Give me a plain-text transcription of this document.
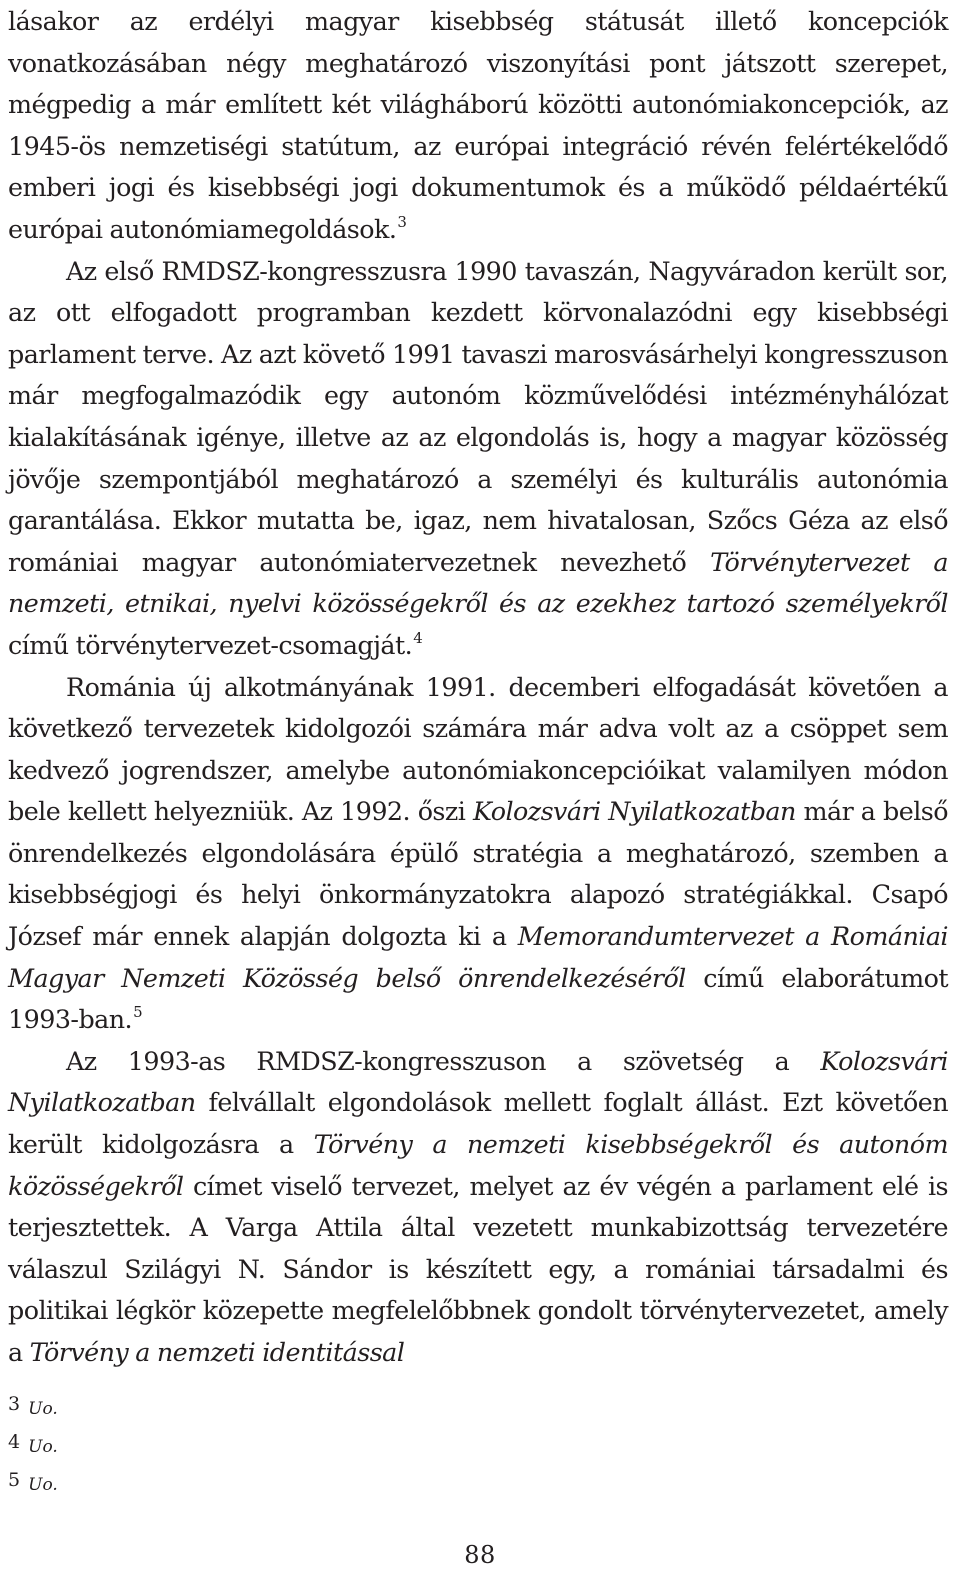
lásakor az erdélyi magyar kisebbség státusát illető koncepciók vonatkozásában négy meghatározó viszonyítási pont játszott szerepet, mégpedig a már említett két világháború közötti autonómiakoncepciók, az 1945-ös nemzetiségi statútum, az európai integráció révén felértékelődő emberi jogi és kisebbségi jogi dokumentumok és a működő példaértékű európai autonómiamegoldások.$^3$

Az első RMDSZ-kongresszusra 1990 tavaszán, Nagyváradon került sor, az ott elfogadott programban kezdett körvonalazódni egy kisebbségi parlament terve. Az azt követő 1991 tavaszi marosvásárhelyi kongresszuson már megfogalmazódik egy autonóm közművelődési intézményhálózat kialakításának igénye, illetve az az elgondolás is, hogy a magyar közösség jövője szempontjából meghatározó a személyi és kulturális autonómia garantálása. Ekkor mutatta be, igaz, nem hivatalosan, Szőcs Géza az első romániai magyar autonómiatervezetnek nevezhető Törvénytervezet a nemzeti, etnikai, nyelvi közösségekről és az ezekhez tartozó személyekről című törvénytervezet-csomagját.$^4$

Románia új alkotmányának 1991. decemberi elfogadását követően a következő tervezetek kidolgozói számára már adva volt az a csöppet sem kedvező jogrendszer, amelybe autonómiakoncepcióikat valamilyen módon bele kellett helyezniük. Az 1992. őszi Kolozsvári Nyilatkozatban már a belső önrendelkezés elgondolására épülő stratégia a meghatározó, szemben a kisebbségjogi és helyi önkormányzatokra alapozó stratégiákkal. Csapó József már ennek alapján dolgozta ki a Memorandumtervezet a Romániai Magyar Nemzeti Közösség belső önrendelkezéséről című elaborátumot 1993-ban.$^5$

Az 1993-as RMDSZ-kongresszuson a szövetség a Kolozsvári Nyilatkozatban felvállalt elgondolások mellett foglalt állást. Ezt követően került kidolgozásra a Törvény a nemzeti kisebbségekről és autonóm közösségekről címet viselő tervezet, melyet az év végén a parlament elé is terjesztettek. A Varga Attila által vezetett munkabizottság tervezetére válaszul Szilágyi N. Sándor is készített egy, a romániai társadalmi és politikai légkör közepette megfelelőbbnek gondolt törvénytervezetet, amely a Törvény a nemzeti identitással

3 Uo.
4 Uo.
5 Uo.
88
